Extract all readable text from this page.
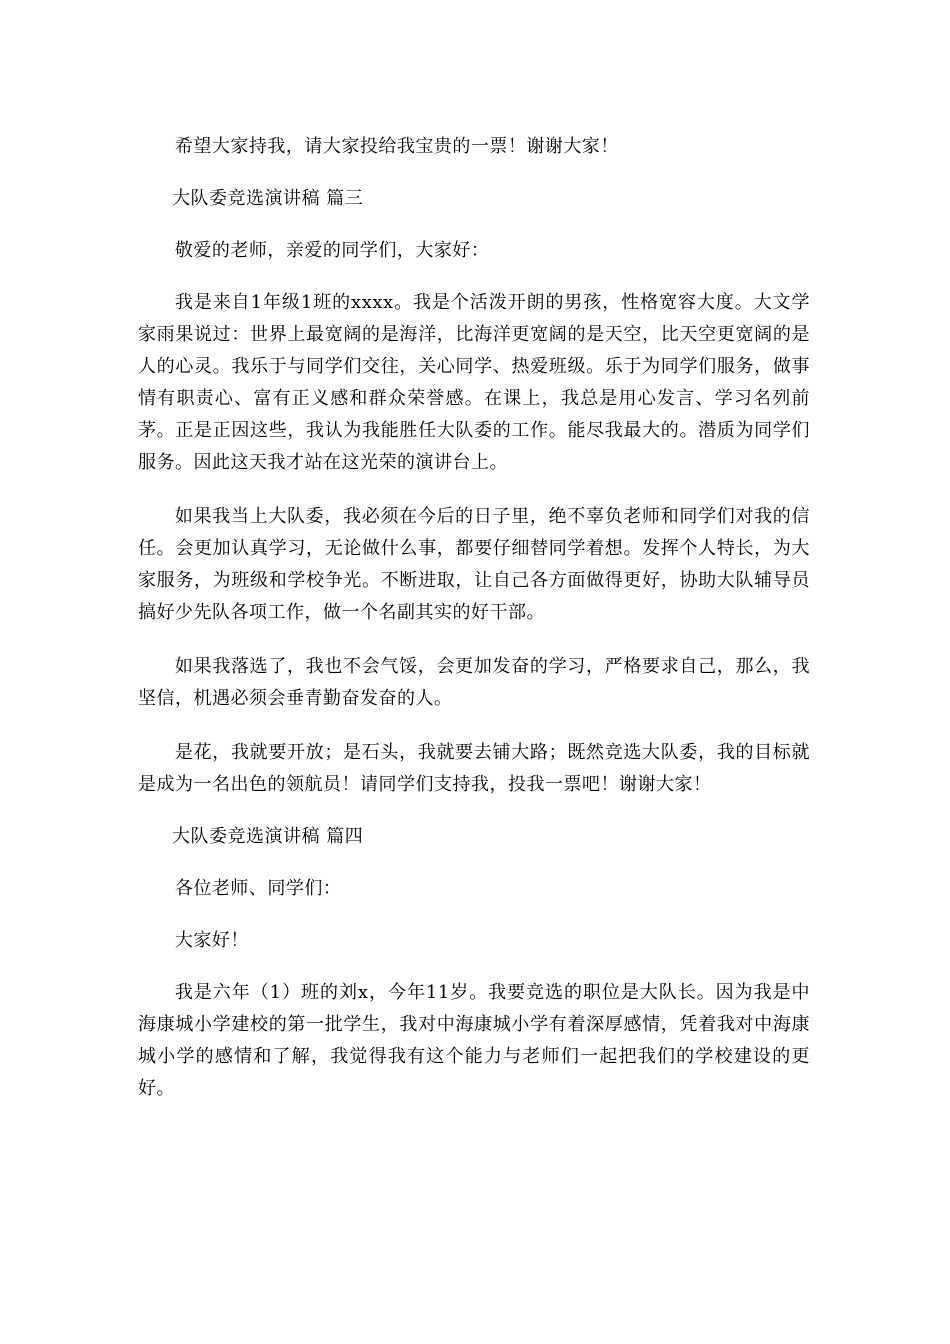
希望大家持我，请大家投给我宝贵的一票！谢谢大家！

大队委竞选演讲稿 篇三

敬爱的老师，亲爱的同学们，大家好：

我是来自1年级1班的xxxx。我是个活泼开朗的男孩，性格宽容大度。大文学家雨果说过：世界上最宽阔的是海洋，比海洋更宽阔的是天空，比天空更宽阔的是人的心灵。我乐于与同学们交往，关心同学、热爱班级。乐于为同学们服务，做事情有职责心、富有正义感和群众荣誉感。在课上，我总是用心发言、学习名列前茅。正是正因这些，我认为我能胜任大队委的工作。能尽我最大的。潜质为同学们服务。因此这天我才站在这光荣的演讲台上。

如果我当上大队委，我必须在今后的日子里，绝不辜负老师和同学们对我的信任。会更加认真学习，无论做什么事，都要仔细替同学着想。发挥个人特长，为大家服务，为班级和学校争光。不断进取，让自己各方面做得更好，协助大队辅导员搞好少先队各项工作，做一个名副其实的好干部。

如果我落选了，我也不会气馁，会更加发奋的学习，严格要求自己，那么，我坚信，机遇必须会垂青勤奋发奋的人。

是花，我就要开放；是石头，我就要去铺大路；既然竞选大队委，我的目标就是成为一名出色的领航员！请同学们支持我，投我一票吧！谢谢大家！

大队委竞选演讲稿 篇四

各位老师、同学们：

大家好！

我是六年（1）班的刘x，今年11岁。我要竞选的职位是大队长。因为我是中海康城小学建校的第一批学生，我对中海康城小学有着深厚感情，凭着我对中海康城小学的感情和了解，我觉得我有这个能力与老师们一起把我们的学校建设的更好。
